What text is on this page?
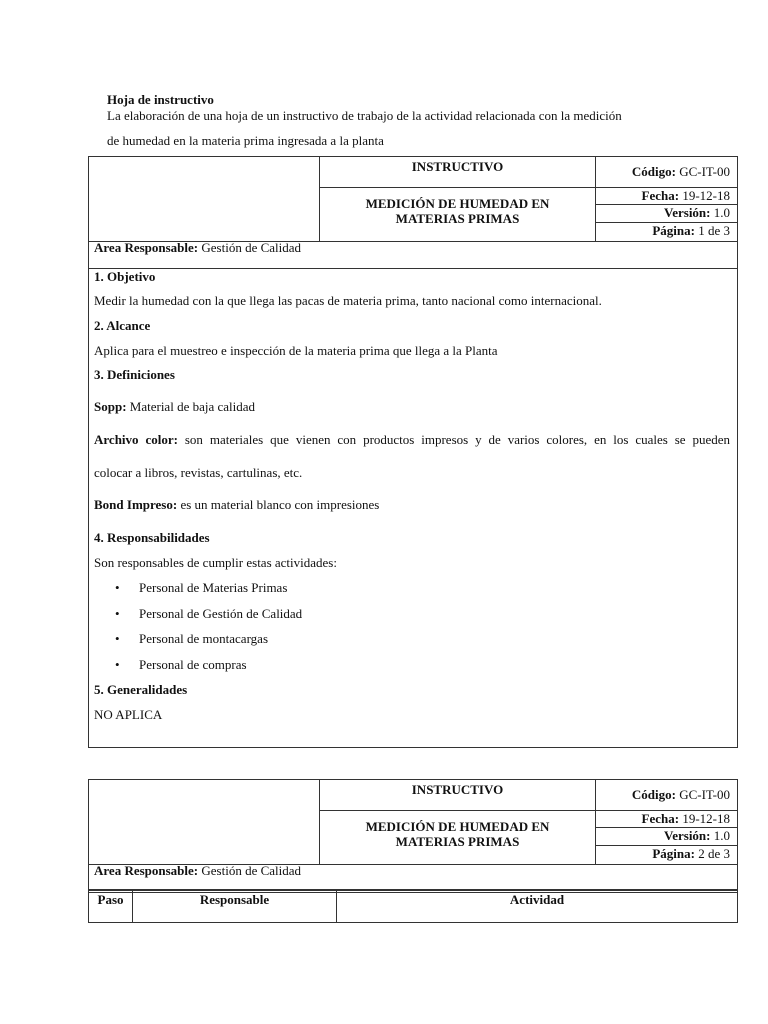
Hoja de instructivo
La elaboración de una hoja de un instructivo de trabajo de la actividad relacionada con la medición
de humedad en la materia prima ingresada a la planta
INSTRUCTIVO
MEDICIÓN DE HUMEDAD EN
MATERIAS PRIMAS
Código: GC-IT-00
Fecha: 19-12-18
Versión: 1.0
Página: 1 de 3
Area Responsable: Gestión de Calidad
1. Objetivo
Medir la humedad con la que llega las pacas de materia prima, tanto nacional como internacional.
2. Alcance
Aplica para el muestreo e inspección de la materia prima que llega a la Planta
3. Definiciones
Sopp: Material de baja calidad
Archivo color: son materiales que vienen con productos impresos y de varios colores, en los cuales se pueden
colocar a libros, revistas, cartulinas, etc.
Bond Impreso: es un material blanco con impresiones
4. Responsabilidades
Son responsables de cumplir estas actividades:
• Personal de Materias Primas
• Personal de Gestión de Calidad
• Personal de montacargas
• Personal de compras
5. Generalidades
NO APLICA
INSTRUCTIVO
MEDICIÓN DE HUMEDAD EN
MATERIAS PRIMAS
Código: GC-IT-00
Fecha: 19-12-18
Versión: 1.0
Página: 2 de 3
Area Responsable: Gestión de Calidad
Paso	Responsable	Actividad
